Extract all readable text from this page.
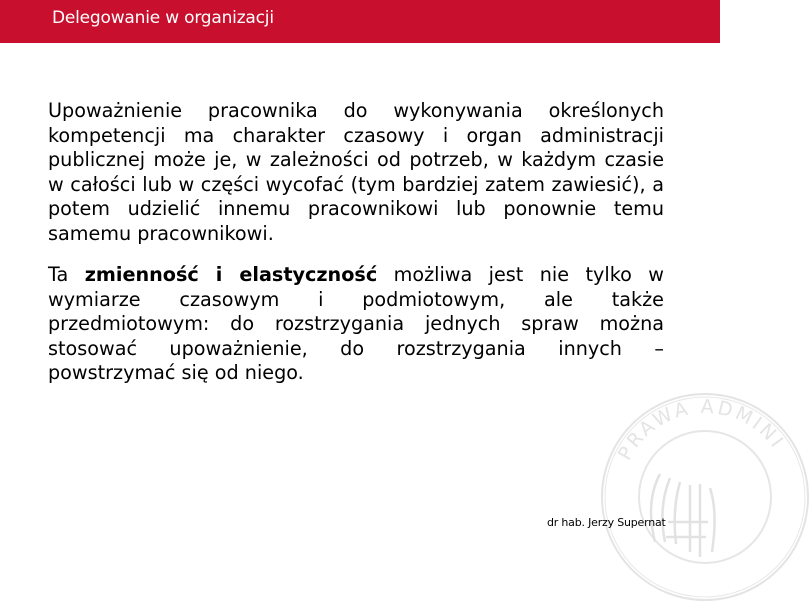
Delegowanie w organizacji

Upoważnienie pracownika do wykonywania określonych kompetencji ma charakter czasowy i organ administracji publicznej może je, w zależności od potrzeb, w każdym czasie w całości lub w części wycofać (tym bardziej zatem zawiesić), a potem udzielić innemu pracownikowi lub ponownie temu samemu pracownikowi.

Ta zmienność i elastyczność możliwa jest nie tylko w wymiarze czasowym i podmiotowym, ale także przedmiotowym: do rozstrzygania jednych spraw można stosować upoważnienie, do rozstrzygania innych – powstrzymać się od niego.

PRAWA ADMINI
dr hab. Jerzy Supernat
